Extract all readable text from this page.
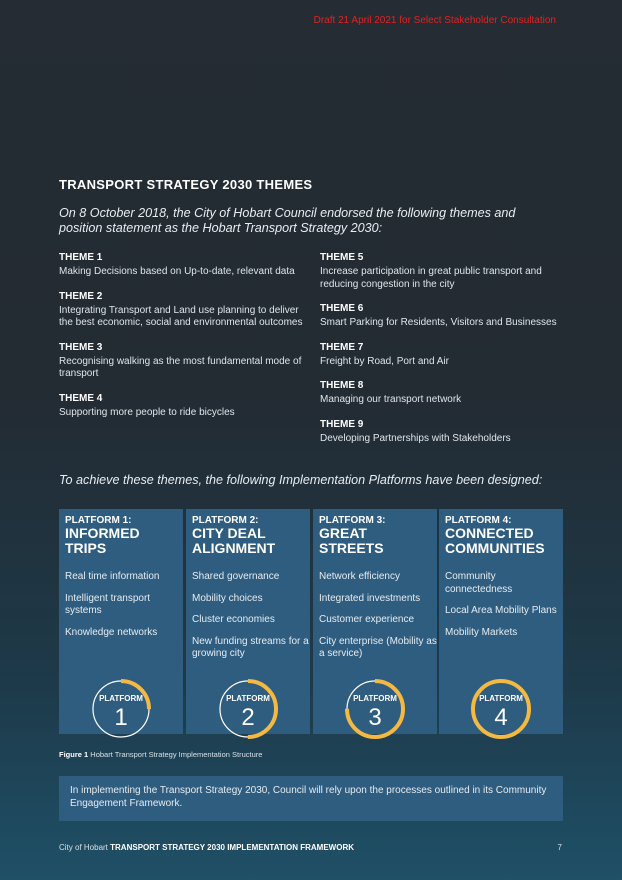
Draft 21 April 2021 for Select Stakeholder Consultation
TRANSPORT STRATEGY 2030 THEMES

On 8 October 2018, the City of Hobart Council endorsed the following themes and position statement as the Hobart Transport Strategy 2030:

THEME 1
Making Decisions based on Up-to-date, relevant data
THEME 2
Integrating Transport and Land use planning to deliver the best economic, social and environmental outcomes
THEME 3
Recognising walking as the most fundamental mode of transport
THEME 4
Supporting more people to ride bicycles
THEME 5
Increase participation in great public transport and reducing congestion in the city
THEME 6
Smart Parking for Residents, Visitors and Businesses
THEME 7
Freight by Road, Port and Air
THEME 8
Managing our transport network
THEME 9
Developing Partnerships with Stakeholders

To achieve these themes, the following Implementation Platforms have been designed:

PLATFORM 1:
INFORMED
TRIPS
Real time information
Intelligent transport systems
Knowledge networks
PLATFORM
1
PLATFORM 2:
CITY DEAL
ALIGNMENT
Shared governance
Mobility choices
Cluster economies
New funding streams for a growing city
PLATFORM
2
PLATFORM 3:
GREAT
STREETS
Network efficiency
Integrated investments
Customer experience
City enterprise (Mobility as a service)
PLATFORM
3
PLATFORM 4:
CONNECTED
COMMUNITIES
Community connectedness
Local Area Mobility Plans
Mobility Markets
PLATFORM
4
Figure 1 Hobart Transport Strategy Implementation Structure
In implementing the Transport Strategy 2030, Council will rely upon the processes outlined in its Community Engagement Framework.
City of Hobart TRANSPORT STRATEGY 2030 IMPLEMENTATION FRAMEWORK	7
